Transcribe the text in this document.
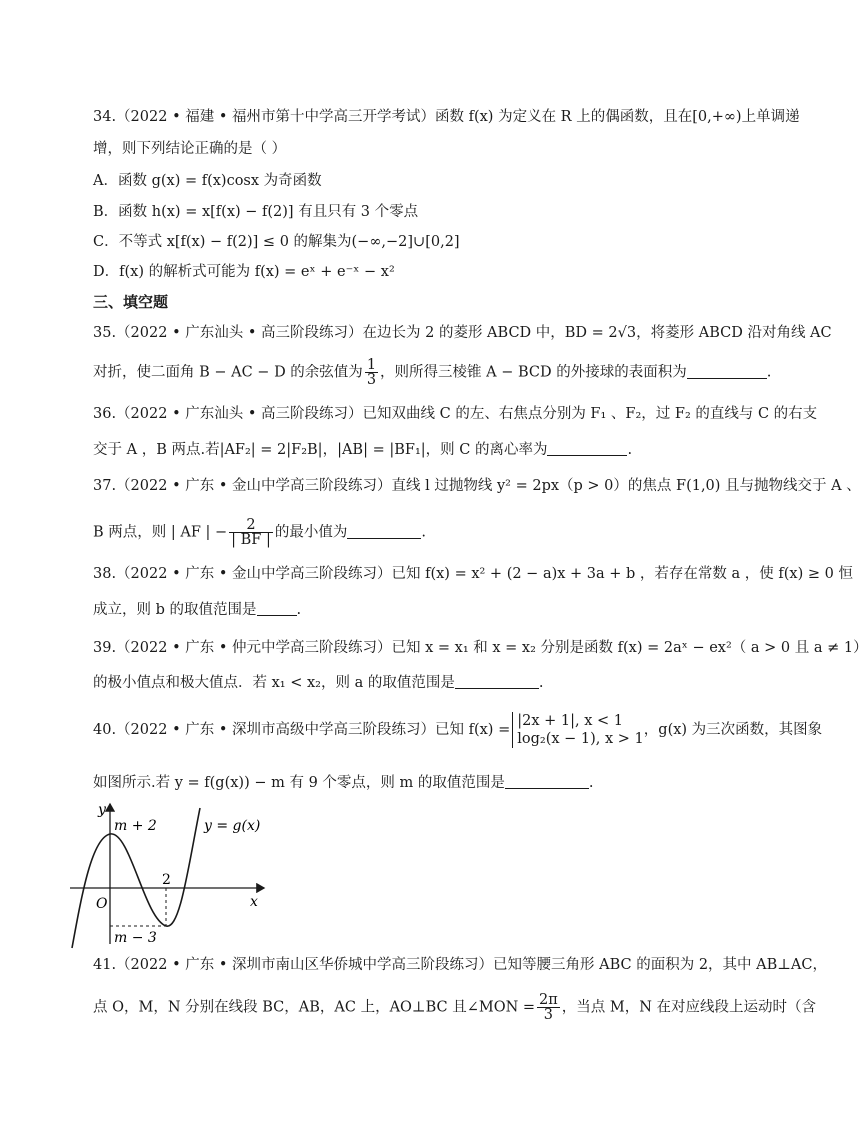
34.（2022 • 福建 • 福州市第十中学高三开学考试）函数 f(x) 为定义在 R 上的偶函数，且在[0,+∞)上单调递
增，则下列结论正确的是（ ）
A．函数 g(x) = f(x)cosx 为奇函数
B．函数 h(x) = x[f(x) − f(2)] 有且只有 3 个零点
C．不等式 x[f(x) − f(2)] ≤ 0 的解集为(−∞,−2]∪[0,2]
D．f(x) 的解析式可能为 f(x) = eˣ + e⁻ˣ − x²
三、填空题
35.（2022 • 广东汕头 • 高三阶段练习）在边长为 2 的菱形 ABCD 中，BD = 2√3，将菱形 ABCD 沿对角线 AC
对折，使二面角 B − AC − D 的余弦值为 $\frac{1}{3}$ ，则所得三棱锥 A − BCD 的外接球的表面积为	.
36.（2022 • 广东汕头 • 高三阶段练习）已知双曲线 C 的左、右焦点分别为 F₁ 、F₂，过 F₂ 的直线与 C 的右支
交于 A ，B 两点.若|AF₂| = 2|F₂B|，|AB| = |BF₁|，则 C 的离心率为	.
37.（2022 • 广东 • 金山中学高三阶段练习）直线 l 过抛物线 y² = 2px（p > 0）的焦点 F(1,0) 且与抛物线交于 A 、
B 两点，则 | AF | − $\frac{2}{| BF |}$ 的最小值为	.
38.（2022 • 广东 • 金山中学高三阶段练习）已知 f(x) = x² + (2 − a)x + 3a + b ，若存在常数 a ，使 f(x) ≥ 0 恒
成立，则 b 的取值范围是	.
39.（2022 • 广东 • 仲元中学高三阶段练习）已知 x = x₁ 和 x = x₂ 分别是函数 f(x) = 2aˣ − ex²（ a > 0 且 a ≠ 1）
的极小值点和极大值点．若 x₁ < x₂，则 a 的取值范围是	.
40.（2022 • 广东 • 深圳市高级中学高三阶段练习）已知 f(x) =
|2x + 1|, x < 1
log₂(x − 1), x > 1
，g(x) 为三次函数，其图象
如图所示.若 y = f(g(x)) − m 有 9 个零点，则 m 的取值范围是	.
y
x
O
m + 2
m − 3
2
y = g(x)
41.（2022 • 广东 • 深圳市南山区华侨城中学高三阶段练习）已知等腰三角形 ABC 的面积为 2，其中 AB⊥AC，
点 O，M，N 分别在线段 BC，AB，AC 上，AO⊥BC 且∠MON = $\frac{2\pi}{3}$ ，当点 M，N 在对应线段上运动时（含
